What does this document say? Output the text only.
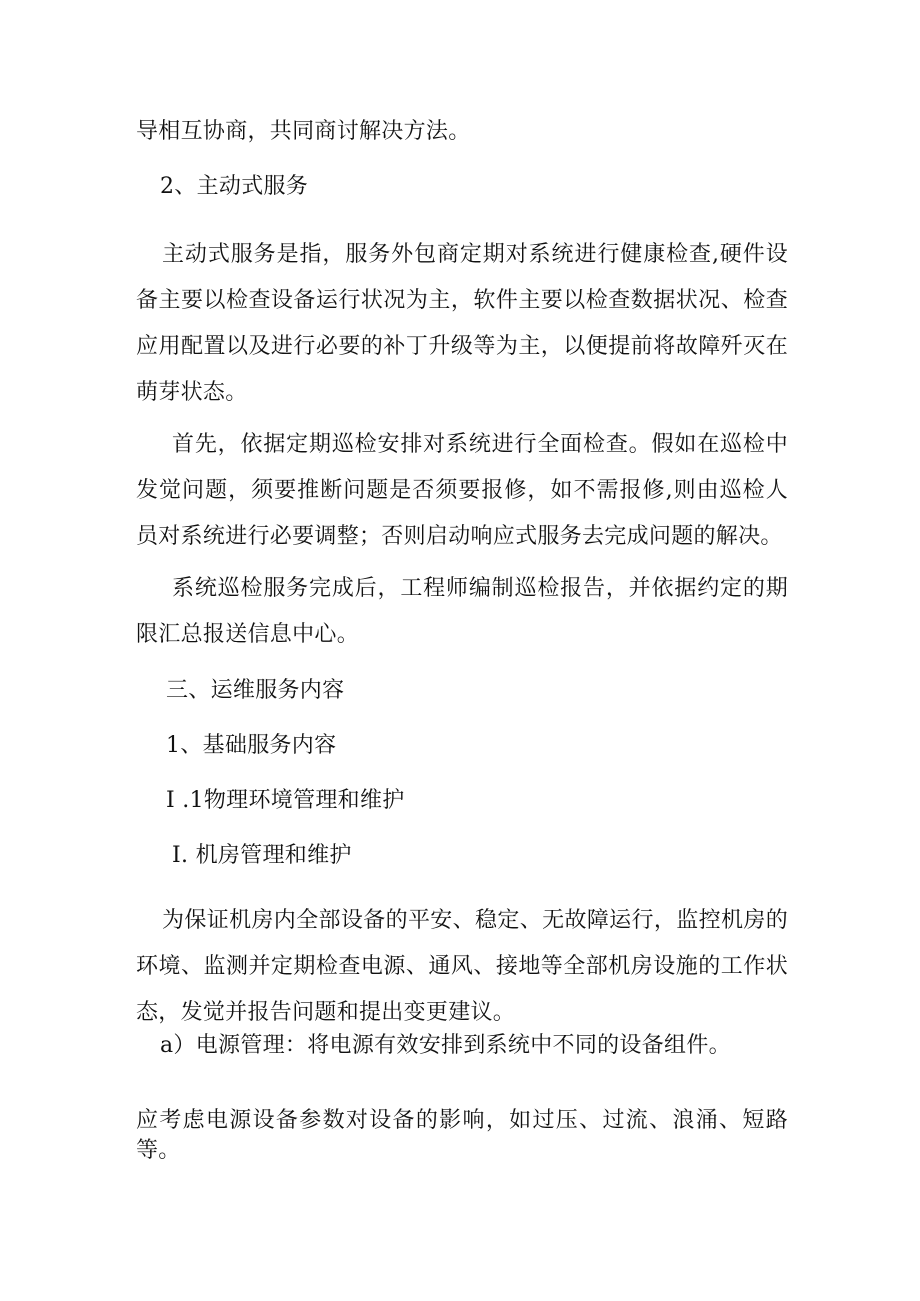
导相互协商，共同商讨解决方法。
2、主动式服务

主动式服务是指，服务外包商定期对系统进行健康检查,硬件设备主要以检查设备运行状况为主，软件主要以检查数据状况、检查应用配置以及进行必要的补丁升级等为主，以便提前将故障歼灭在萌芽状态。

首先，依据定期巡检安排对系统进行全面检查。假如在巡检中发觉问题，须要推断问题是否须要报修，如不需报修,则由巡检人员对系统进行必要调整；否则启动响应式服务去完成问题的解决。

系统巡检服务完成后，工程师编制巡检报告，并依据约定的期限汇总报送信息中心。

三、运维服务内容
1、基础服务内容
I .1物理环境管理和维护
I. 机房管理和维护

为保证机房内全部设备的平安、稳定、无故障运行，监控机房的环境、监测并定期检查电源、通风、接地等全部机房设施的工作状态，发觉并报告问题和提出变更建议。

a）电源管理：将电源有效安排到系统中不同的设备组件。

应考虑电源设备参数对设备的影响，如过压、过流、浪涌、短路等。
